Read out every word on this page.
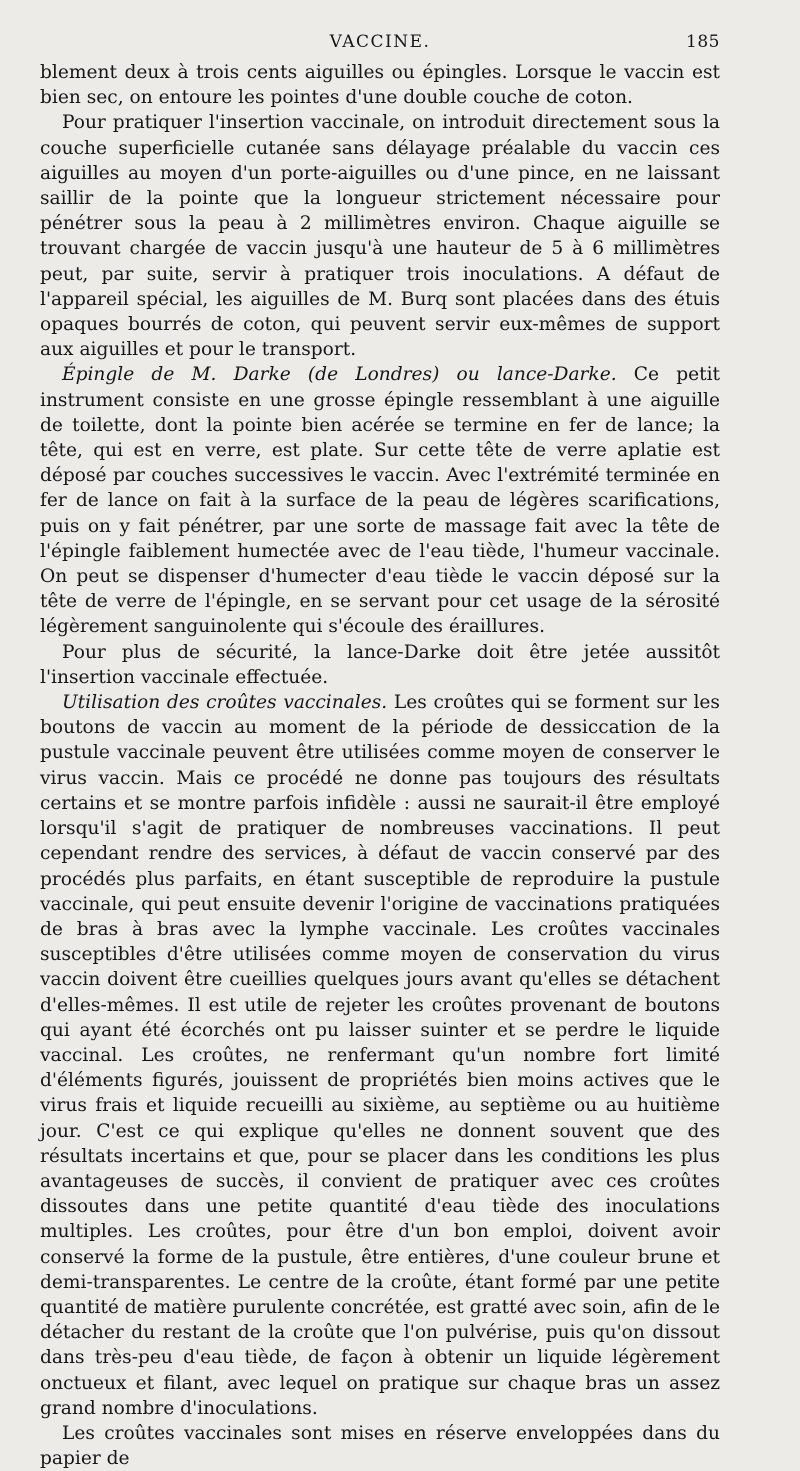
VACCINE.	185

blement deux à trois cents aiguilles ou épingles. Lorsque le vaccin est bien sec, on entoure les pointes d'une double couche de coton.

Pour pratiquer l'insertion vaccinale, on introduit directement sous la couche superficielle cutanée sans délayage préalable du vaccin ces aiguilles au moyen d'un porte-aiguilles ou d'une pince, en ne laissant saillir de la pointe que la longueur strictement nécessaire pour pénétrer sous la peau à 2 millimètres environ. Chaque aiguille se trouvant chargée de vaccin jusqu'à une hauteur de 5 à 6 millimètres peut, par suite, servir à pratiquer trois inoculations. A défaut de l'appareil spécial, les aiguilles de M. Burq sont placées dans des étuis opaques bourrés de coton, qui peuvent servir eux-mêmes de support aux aiguilles et pour le transport.

Épingle de M. Darke (de Londres) ou lance-Darke. Ce petit instrument consiste en une grosse épingle ressemblant à une aiguille de toilette, dont la pointe bien acérée se termine en fer de lance; la tête, qui est en verre, est plate. Sur cette tête de verre aplatie est déposé par couches successives le vaccin. Avec l'extrémité terminée en fer de lance on fait à la surface de la peau de légères scarifications, puis on y fait pénétrer, par une sorte de massage fait avec la tête de l'épingle faiblement humectée avec de l'eau tiède, l'humeur vaccinale. On peut se dispenser d'humecter d'eau tiède le vaccin déposé sur la tête de verre de l'épingle, en se servant pour cet usage de la sérosité légèrement sanguinolente qui s'écoule des éraillures.

Pour plus de sécurité, la lance-Darke doit être jetée aussitôt l'insertion vaccinale effectuée.

Utilisation des croûtes vaccinales. Les croûtes qui se forment sur les boutons de vaccin au moment de la période de dessiccation de la pustule vaccinale peuvent être utilisées comme moyen de conserver le virus vaccin. Mais ce procédé ne donne pas toujours des résultats certains et se montre parfois infidèle : aussi ne saurait-il être employé lorsqu'il s'agit de pratiquer de nombreuses vaccinations. Il peut cependant rendre des services, à défaut de vaccin conservé par des procédés plus parfaits, en étant susceptible de reproduire la pustule vaccinale, qui peut ensuite devenir l'origine de vaccinations pratiquées de bras à bras avec la lymphe vaccinale. Les croûtes vaccinales susceptibles d'être utilisées comme moyen de conservation du virus vaccin doivent être cueillies quelques jours avant qu'elles se détachent d'elles-mêmes. Il est utile de rejeter les croûtes provenant de boutons qui ayant été écorchés ont pu laisser suinter et se perdre le liquide vaccinal. Les croûtes, ne renfermant qu'un nombre fort limité d'éléments figurés, jouissent de propriétés bien moins actives que le virus frais et liquide recueilli au sixième, au septième ou au huitième jour. C'est ce qui explique qu'elles ne donnent souvent que des résultats incertains et que, pour se placer dans les conditions les plus avantageuses de succès, il convient de pratiquer avec ces croûtes dissoutes dans une petite quantité d'eau tiède des inoculations multiples. Les croûtes, pour être d'un bon emploi, doivent avoir conservé la forme de la pustule, être entières, d'une couleur brune et demi-transparentes. Le centre de la croûte, étant formé par une petite quantité de matière purulente concrétée, est gratté avec soin, afin de le détacher du restant de la croûte que l'on pulvérise, puis qu'on dissout dans très-peu d'eau tiède, de façon à obtenir un liquide légèrement onctueux et filant, avec lequel on pratique sur chaque bras un assez grand nombre d'inoculations.

Les croûtes vaccinales sont mises en réserve enveloppées dans du papier de
